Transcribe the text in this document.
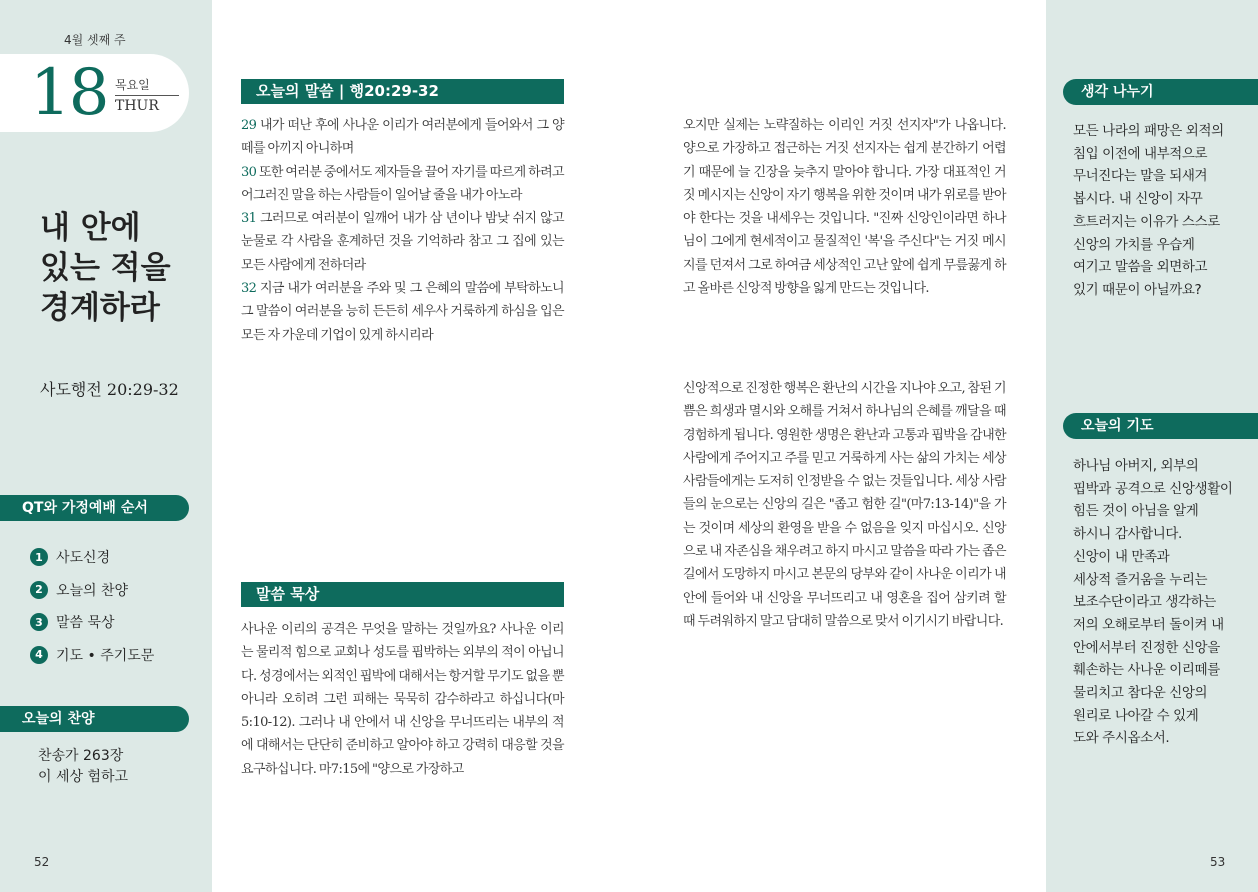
4월 셋째 주
18 목요일
THUR
내 안에
있는 적을
경계하라
사도행전 20:29-32
QT와 가정예배 순서
1 사도신경
2 오늘의 찬양
3 말씀 묵상
4 기도 • 주기도문
오늘의 찬양
찬송가 263장
이 세상 험하고
52
오늘의 말씀 | 행20:29-32
29 내가 떠난 후에 사나운 이리가 여러분에게 들어와서 그 양 떼를 아끼지 아니하며
30 또한 여러분 중에서도 제자들을 끌어 자기를 따르게 하려고 어그러진 말을 하는 사람들이 일어날 줄을 내가 아노라
31 그러므로 여러분이 일깨어 내가 삼 년이나 밤낮 쉬지 않고 눈물로 각 사람을 훈계하던 것을 기억하라 참고 그 집에 있는 모든 사람에게 전하더라
32 지금 내가 여러분을 주와 및 그 은혜의 말씀에 부탁하노니 그 말씀이 여러분을 능히 든든히 세우사 거룩하게 하심을 입은 모든 자 가운데 기업이 있게 하시리라
말씀 묵상
사나운 이리의 공격은 무엇을 말하는 것일까요? 사나운 이리는 물리적 힘으로 교회나 성도를 핍박하는 외부의 적이 아닙니다. 성경에서는 외적인 핍박에 대해서는 항거할 무기도 없을 뿐 아니라 오히려 그런 피해는 묵묵히 감수하라고 하십니다(마5:10-12). 그러나 내 안에서 내 신앙을 무너뜨리는 내부의 적에 대해서는 단단히 준비하고 알아야 하고 강력히 대응할 것을 요구하십니다. 마7:15에 "양으로 가장하고
오지만 실제는 노략질하는 이리인 거짓 선지자"가 나옵니다. 양으로 가장하고 접근하는 거짓 선지자는 쉽게 분간하기 어렵기 때문에 늘 긴장을 늦추지 말아야 합니다. 가장 대표적인 거짓 메시지는 신앙이 자기 행복을 위한 것이며 내가 위로를 받아야 한다는 것을 내세우는 것입니다. "진짜 신앙인이라면 하나님이 그에게 현세적이고 물질적인 '복'을 주신다"는 거짓 메시지를 던져서 그로 하여금 세상적인 고난 앞에 쉽게 무릎꿇게 하고 올바른 신앙적 방향을 잃게 만드는 것입니다.
신앙적으로 진정한 행복은 환난의 시간을 지나야 오고, 참된 기쁨은 희생과 멸시와 오해를 거쳐서 하나님의 은혜를 깨달을 때 경험하게 됩니다. 영원한 생명은 환난과 고통과 핍박을 감내한 사람에게 주어지고 주를 믿고 거룩하게 사는 삶의 가치는 세상 사람들에게는 도저히 인정받을 수 없는 것들입니다. 세상 사람들의 눈으로는 신앙의 길은 "좁고 험한 길"(마7:13-14)"을 가는 것이며 세상의 환영을 받을 수 없음을 잊지 마십시오. 신앙으로 내 자존심을 채우려고 하지 마시고 말씀을 따라 가는 좁은 길에서 도망하지 마시고 본문의 당부와 같이 사나운 이리가 내 안에 들어와 내 신앙을 무너뜨리고 내 영혼을 집어 삼키려 할 때 두려워하지 말고 담대히 말씀으로 맞서 이기시기 바랍니다.
생각 나누기
모든 나라의 패망은 외적의
침입 이전에 내부적으로
무너진다는 말을 되새겨
봅시다. 내 신앙이 자꾸
흐트러지는 이유가 스스로
신앙의 가치를 우습게
여기고 말씀을 외면하고
있기 때문이 아닐까요?
오늘의 기도
하나님 아버지, 외부의
핍박과 공격으로 신앙생활이
힘든 것이 아님을 알게
하시니 감사합니다.
신앙이 내 만족과
세상적 즐거움을 누리는
보조수단이라고 생각하는
저의 오해로부터 돌이켜 내
안에서부터 진정한 신앙을
훼손하는 사나운 이리떼를
물리치고 참다운 신앙의
원리로 나아갈 수 있게
도와 주시옵소서.
53
